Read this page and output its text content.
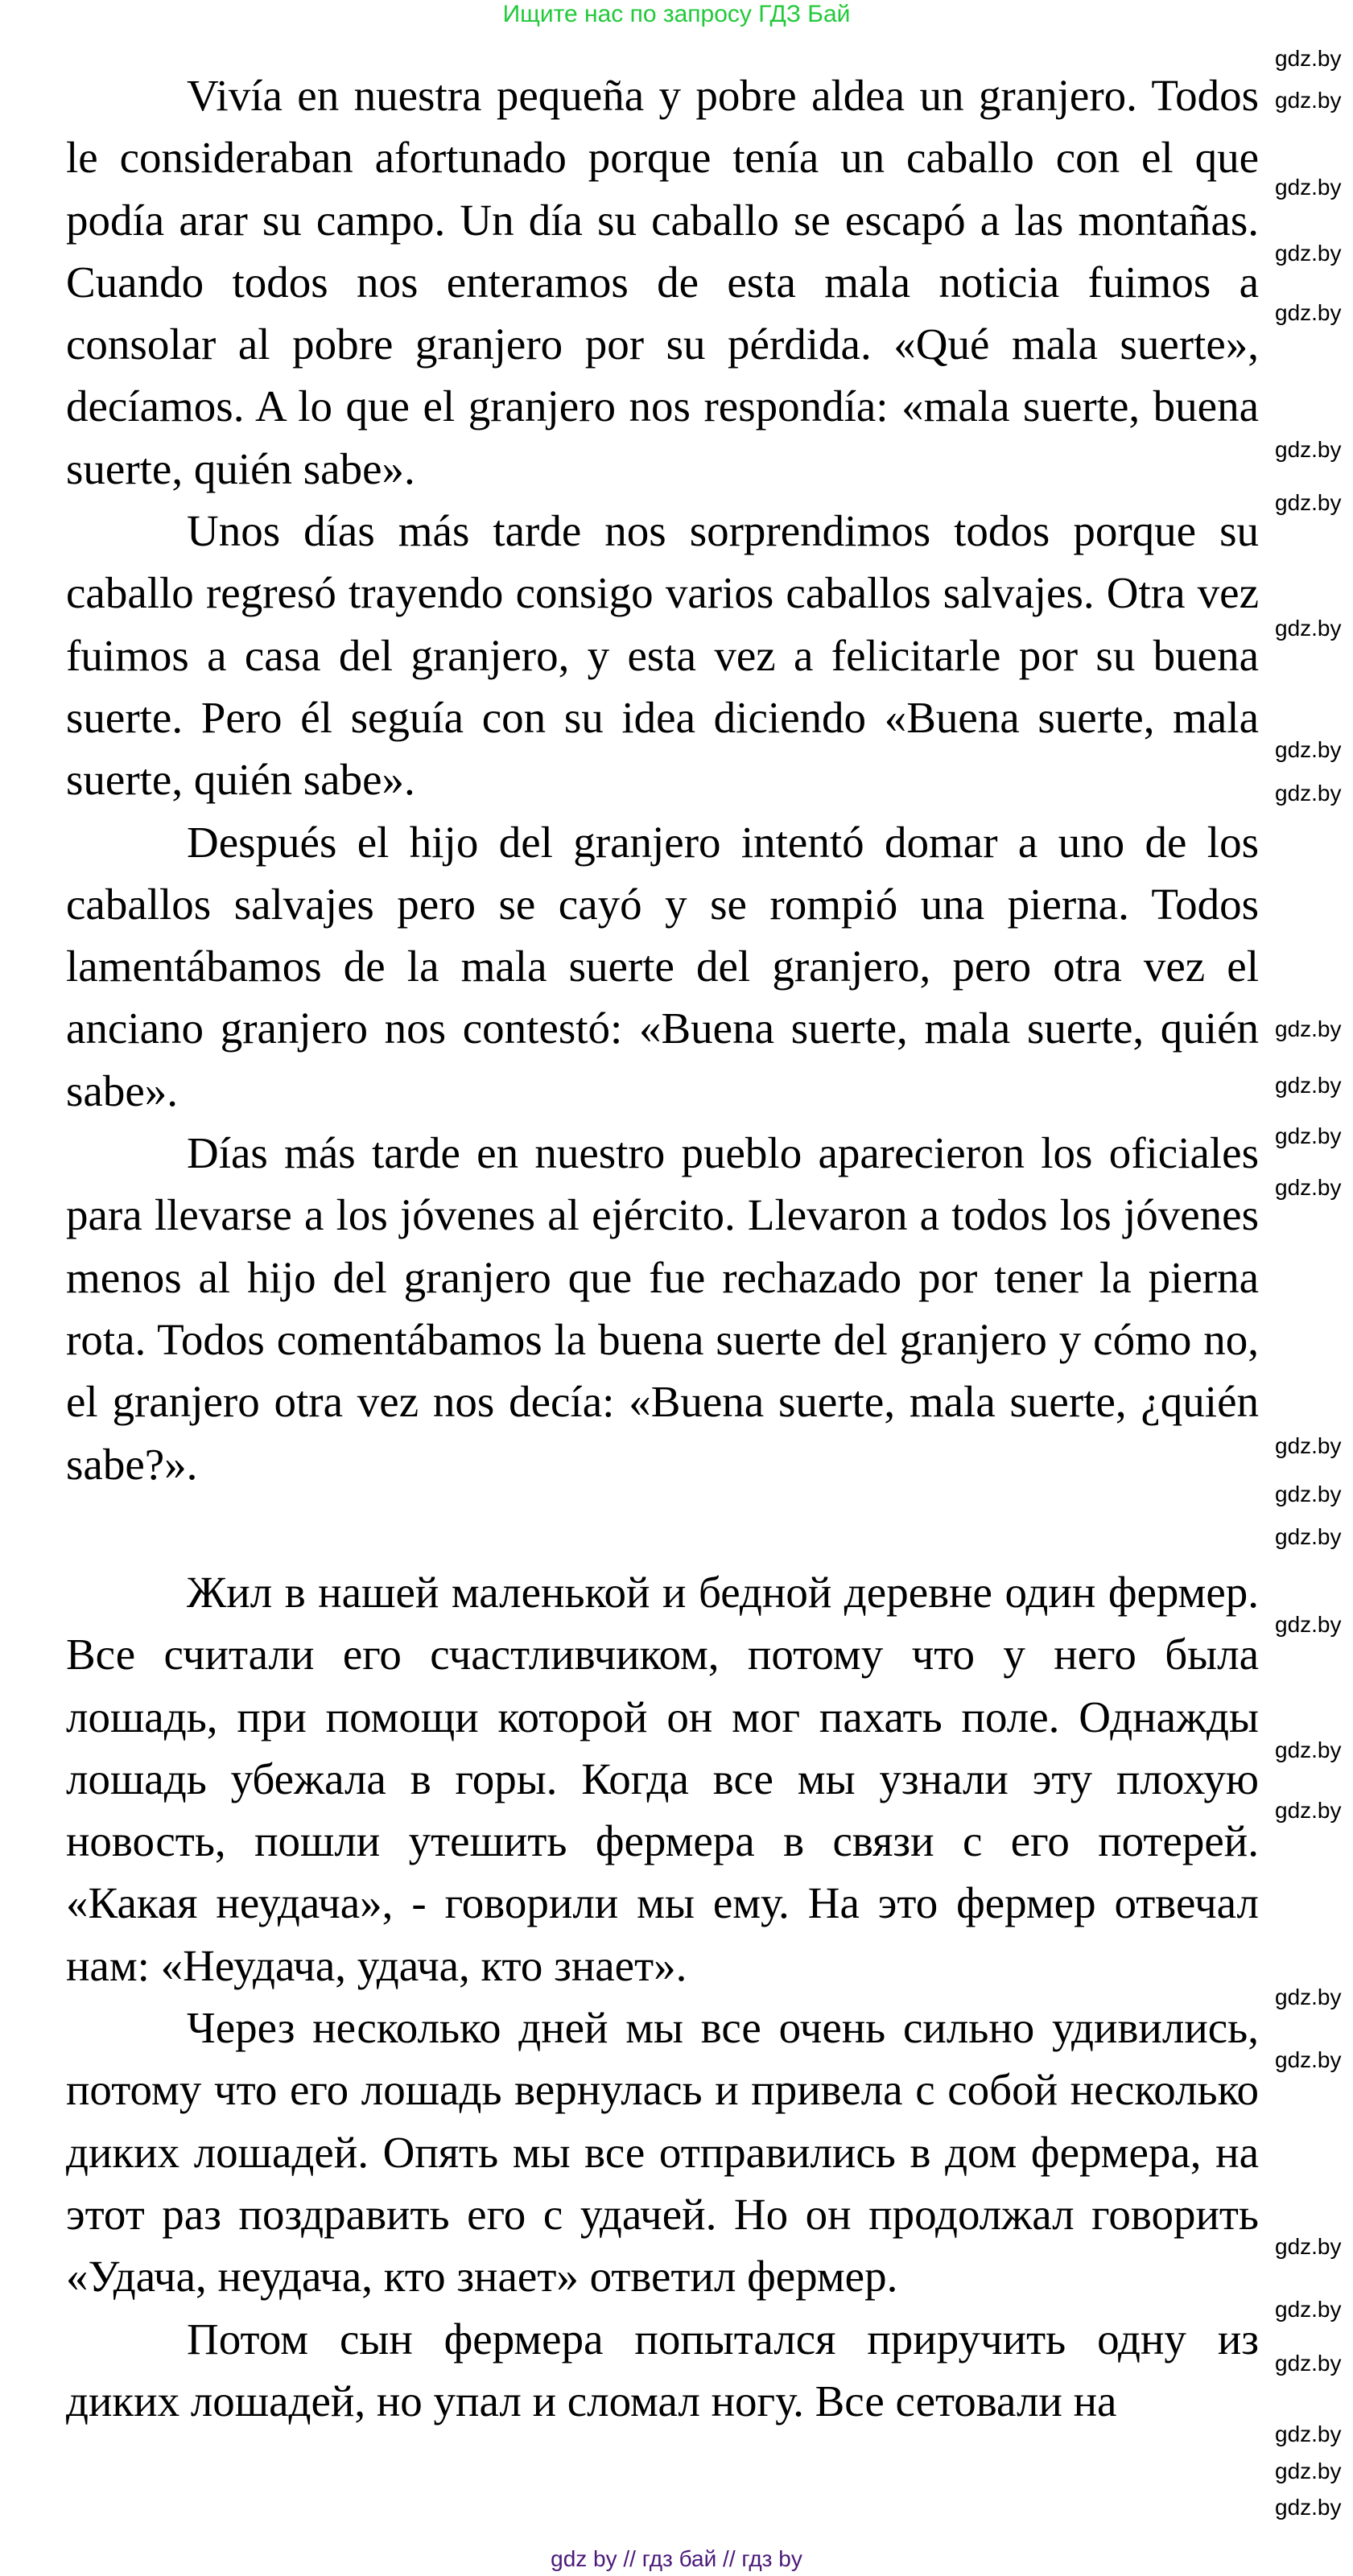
Ищите нас по запросу ГДЗ Бай

Vivía en nuestra pequeña y pobre aldea un granjero. Todos le consideraban afortunado porque tenía un caballo con el que podía arar su campo. Un día su caballo se escapó a las montañas. Cuando todos nos enteramos de esta mala noticia fuimos a consolar al pobre granjero por su pérdida. «Qué mala suerte», decíamos. A lo que el granjero nos respondía: «mala suerte, buena suerte, quién sabe».

Unos días más tarde nos sorprendimos todos porque su caballo regresó trayendo consigo varios caballos salvajes. Otra vez fuimos a casa del granjero, y esta vez a felicitarle por su buena suerte. Pero él seguía con su idea diciendo «Buena suerte, mala suerte, quién sabe».

Después el hijo del granjero intentó domar a uno de los caballos salvajes pero se cayó y se rompió una pierna. Todos lamentábamos de la mala suerte del granjero, pero otra vez el anciano granjero nos contestó: «Buena suerte, mala suerte, quién sabe».

Días más tarde en nuestro pueblo aparecieron los oficiales para llevarse a los jóvenes al ejército. Llevaron a todos los jóvenes menos al hijo del granjero que fue rechazado por tener la pierna rota. Todos comentábamos la buena suerte del granjero y cómo no, el granjero otra vez nos decía: «Buena suerte, mala suerte, ¿quién sabe?».

Жил в нашей маленькой и бедной деревне один фермер. Все считали его счастливчиком, потому что у него была лошадь, при помощи которой он мог пахать поле. Однажды лошадь убежала в горы. Когда все мы узнали эту плохую новость, пошли утешить фермера в связи с его потерей. «Какая неудача», - говорили мы ему. На это фермер отвечал нам: «Неудача, удача, кто знает».

Через несколько дней мы все очень сильно удивились, потому что его лошадь вернулась и привела с собой несколько диких лошадей. Опять мы все отправились в дом фермера, на этот раз поздравить его с удачей. Но он продолжал говорить «Удача, неудача, кто знает» ответил фермер.

Потом сын фермера попытался приручить одну из диких лошадей, но упал и сломал ногу. Все сетовали на

gdz.by
gdz.by
gdz.by
gdz.by
gdz.by
gdz.by
gdz.by
gdz.by
gdz.by
gdz.by
gdz.by
gdz.by
gdz.by
gdz.by
gdz.by
gdz.by
gdz.by
gdz.by
gdz.by
gdz.by
gdz.by
gdz.by
gdz.by
gdz.by
gdz.by
gdz.by
gdz.by
gdz.by
gdz by // гдз бай // гдз by
